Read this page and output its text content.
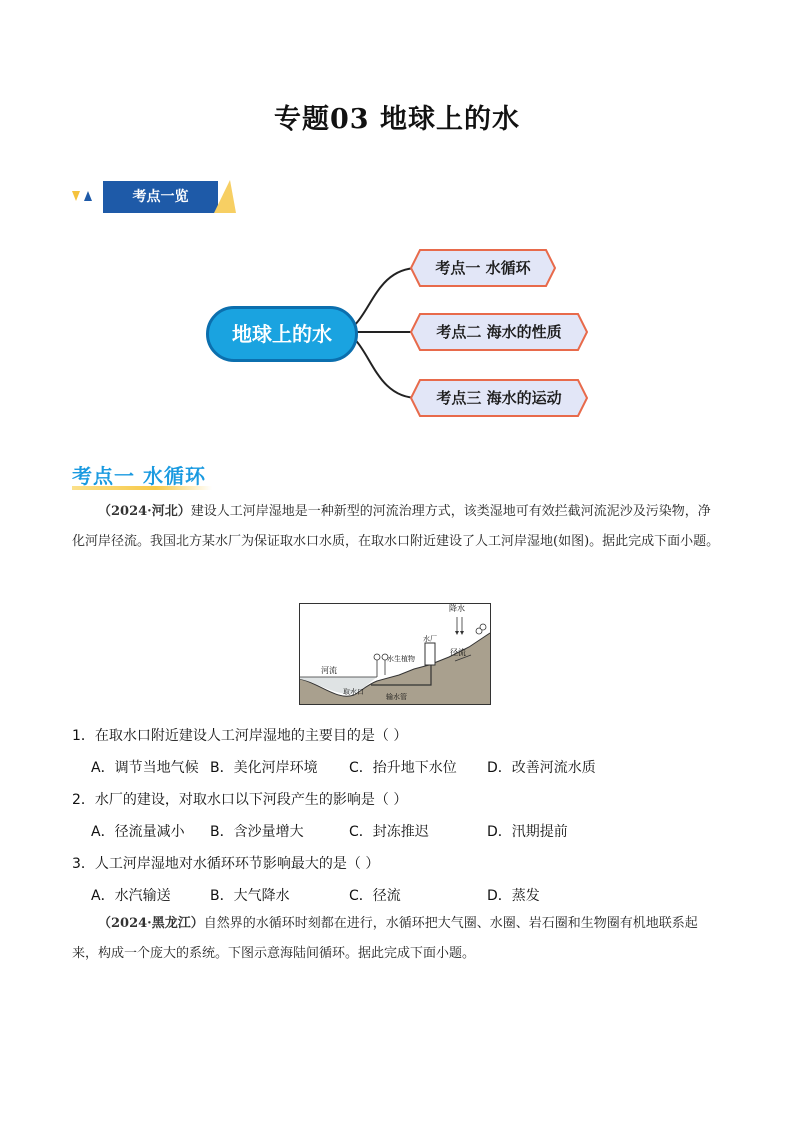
专题03 地球上的水
考点一览
地球上的水
考点一 水循环
考点二 海水的性质
考点三 海水的运动
考点一 水循环
（2024·河北）建设人工河岸湿地是一种新型的河流治理方式，该类湿地可有效拦截河流泥沙及污染物，净化河岸径流。我国北方某水厂为保证取水口水质，在取水口附近建设了人工河岸湿地(如图)。据此完成下面小题。
降水
水生植物
水厂
径流
河流
取水口
输水管
1．在取水口附近建设人工河岸湿地的主要目的是（ ）
A．调节当地气候 B．美化河岸环境 C．抬升地下水位 D．改善河流水质
2．水厂的建设，对取水口以下河段产生的影响是（ ）
A．径流量减小 B．含沙量增大	C．封冻推迟	D．汛期提前
3．人工河岸湿地对水循环环节影响最大的是（ ）
A．水汽输送	B．大气降水	C．径流	D．蒸发
（2024·黑龙江）自然界的水循环时刻都在进行，水循环把大气圈、水圈、岩石圈和生物圈有机地联系起来，构成一个庞大的系统。下图示意海陆间循环。据此完成下面小题。
